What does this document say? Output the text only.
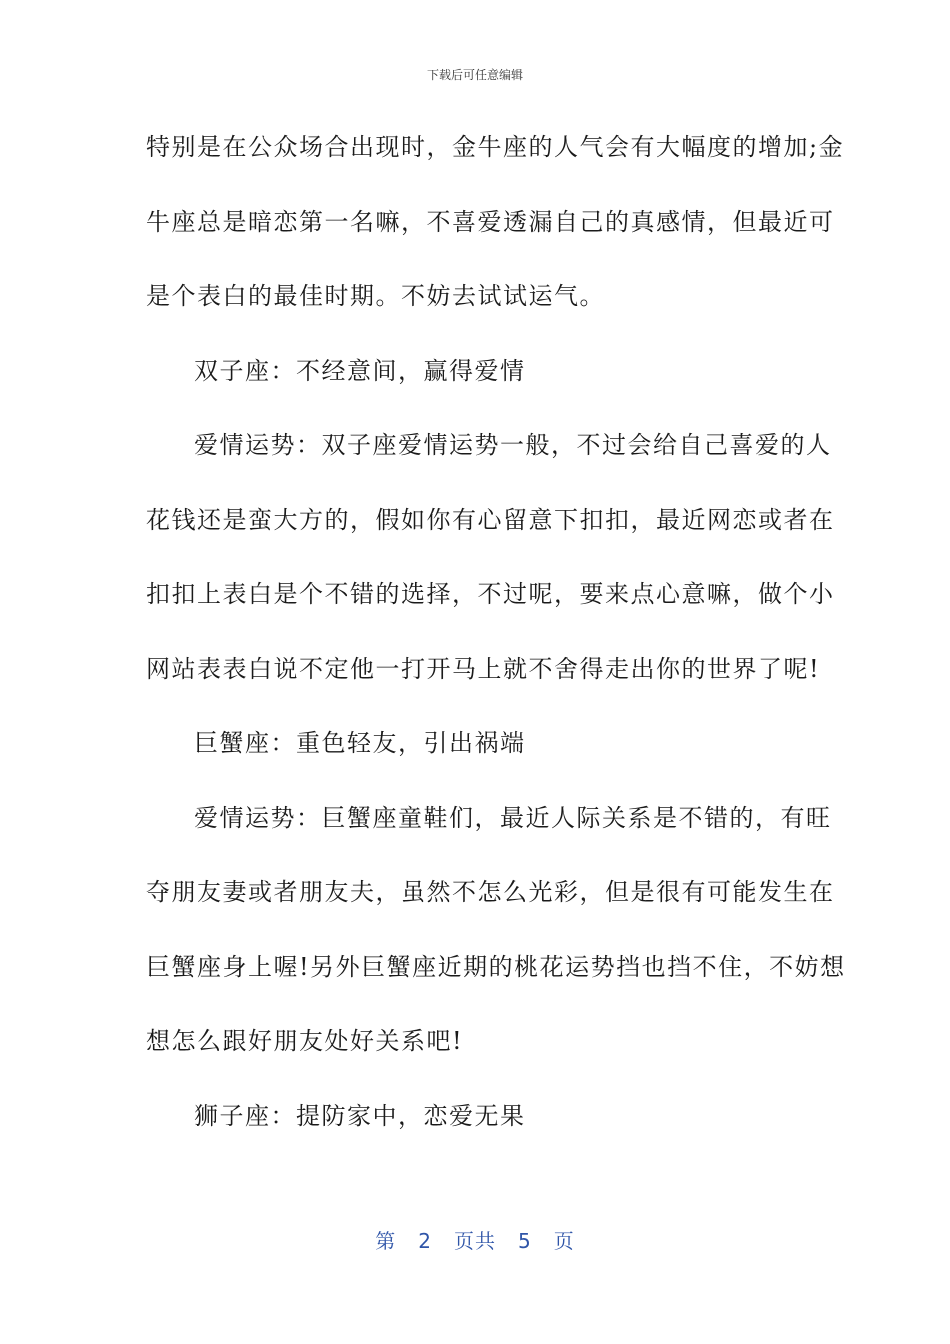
下载后可任意编辑
特别是在公众场合出现时，金牛座的人气会有大幅度的增加;金
牛座总是暗恋第一名嘛，不喜爱透漏自己的真感情，但最近可
是个表白的最佳时期。不妨去试试运气。
双子座：不经意间，赢得爱情
爱情运势：双子座爱情运势一般，不过会给自己喜爱的人
花钱还是蛮大方的，假如你有心留意下扣扣，最近网恋或者在
扣扣上表白是个不错的选择，不过呢，要来点心意嘛，做个小
网站表表白说不定他一打开马上就不舍得走出你的世界了呢!
巨蟹座：重色轻友，引出祸端
爱情运势：巨蟹座童鞋们，最近人际关系是不错的，有旺
夺朋友妻或者朋友夫，虽然不怎么光彩，但是很有可能发生在
巨蟹座身上喔!另外巨蟹座近期的桃花运势挡也挡不住，不妨想
想怎么跟好朋友处好关系吧!
狮子座：提防家中，恋爱无果
第 2 页共 5 页
